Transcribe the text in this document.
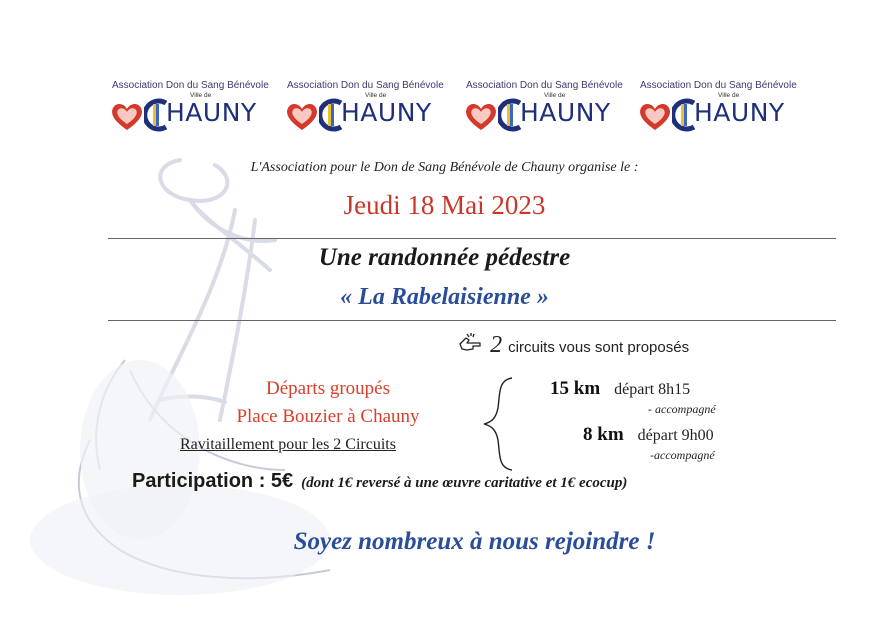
Association Don du Sang Bénévole
Ville de
HAUNY
Association Don du Sang Bénévole
Ville de
HAUNY
Association Don du Sang Bénévole
Ville de
HAUNY
Association Don du Sang Bénévole
Ville de
HAUNY
L'Association pour le Don de Sang Bénévole de Chauny organise le :
Jeudi 18 Mai 2023
Une randonnée pédestre
« La Rabelaisienne »
2 circuits vous sont proposés
Départs groupés
Place Bouzier à Chauny
Ravitaillement pour les 2 Circuits
15 km départ 8h15
- accompagné
8 km départ 9h00
-accompagné
Participation : 5€ (dont 1€ reversé à une œuvre caritative et 1€ ecocup)
Soyez nombreux à nous rejoindre !
